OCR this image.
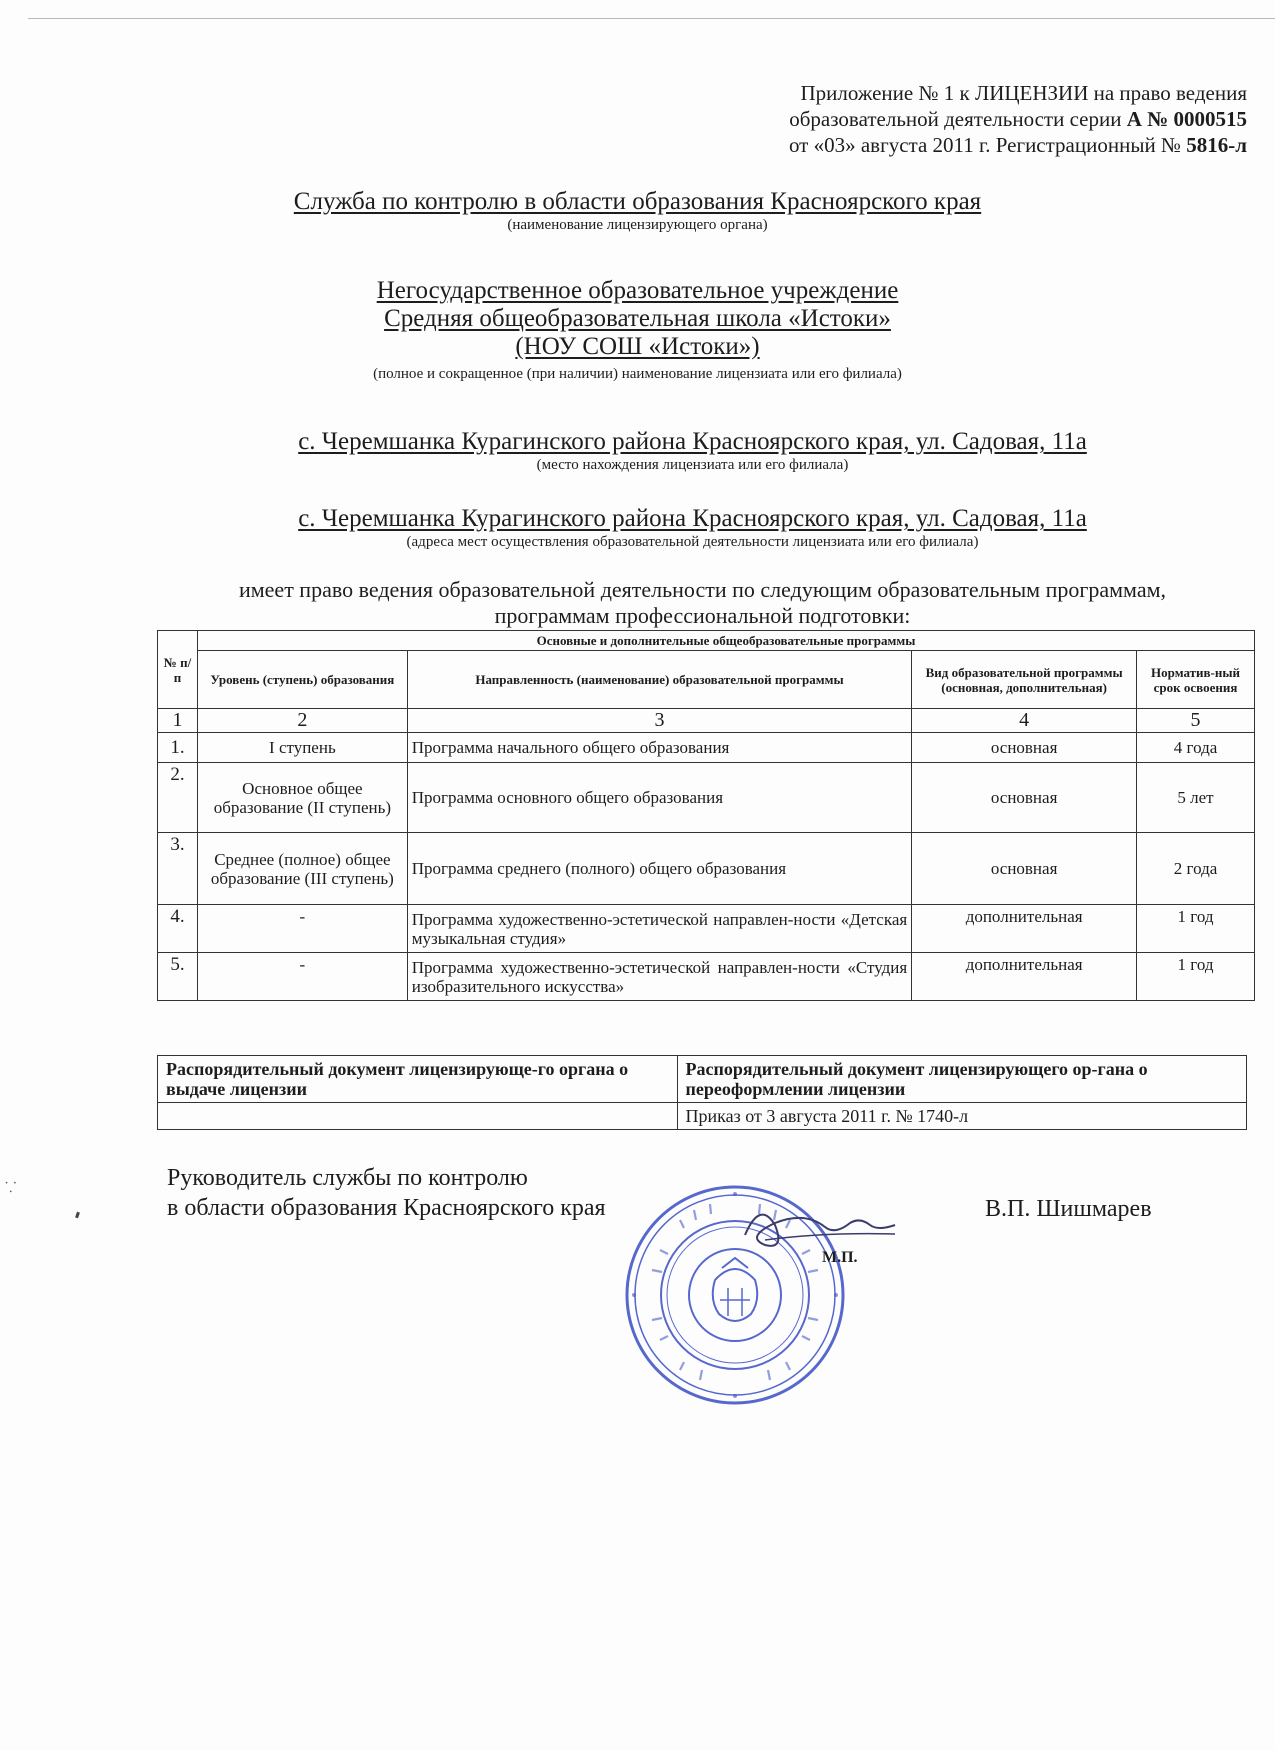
Приложение № 1 к ЛИЦЕНЗИИ на право ведения
образовательной деятельности серии А № 0000515
от «03» августа 2011 г. Регистрационный № 5816-л
Служба по контролю в области образования Красноярского края
(наименование лицензирующего органа)
Негосударственное образовательное учреждение
Средняя общеобразовательная школа «Истоки»
(НОУ СОШ «Истоки»)
(полное и сокращенное (при наличии) наименование лицензиата или его филиала)
с. Черемшанка Курагинского района Красноярского края, ул. Садовая, 11а
(место нахождения лицензиата или его филиала)
с. Черемшанка Курагинского района Красноярского края, ул. Садовая, 11а
(адреса мест осуществления образовательной деятельности лицензиата или его филиала)
имеет право ведения образовательной деятельности по следующим образовательным программам,
программам профессиональной подготовки:
№ п/ п	Основные и дополнительные общеобразовательные программы			
	Уровень (ступень) образования	Направленность (наименование) образовательной программы	Вид образовательной программы (основная, дополнительная)	Норматив-ный срок освоения
1	2	3	4	5
1.	I ступень	Программа начального общего образования	основная	4 года
2.	Основное общее образование (II ступень)	Программа основного общего образования	основная	5 лет
3.	Среднее (полное) общее образование (III ступень)	Программа среднего (полного) общего образования	основная	2 года
4.	-	Программа художественно-эстетической направлен-ности «Детская музыкальная студия»	дополнительная	1 год
5.	-	Программа художественно-эстетической направлен-ности «Студия изобразительного искусства»	дополнительная	1 год
Распорядительный документ лицензирующе-го органа о выдаче лицензии	Распорядительный документ лицензирующего ор-гана о переоформлении лицензии
	Приказ от 3 августа 2011 г. № 1740-л
Руководитель службы по контролю
в области образования Красноярского края
М.П.
В.П. Шишмарев
⸪
